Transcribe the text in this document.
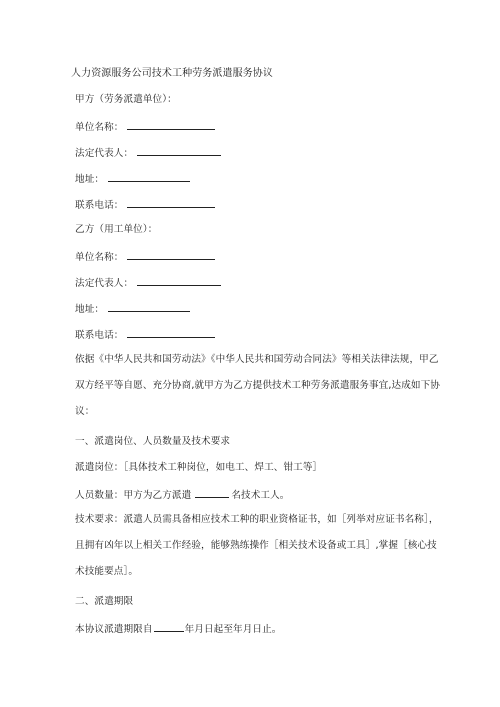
人力资源服务公司技术工种劳务派遣服务协议

甲方（劳务派遣单位）：

单位名称：

法定代表人：

地址：

联系电话：

乙方（用工单位）：

单位名称：

法定代表人：

地址：

联系电话：

依据《中华人民共和国劳动法》《中华人民共和国劳动合同法》等相关法律法规，甲乙

双方经平等自愿、充分协商,就甲方为乙方提供技术工种劳务派遣服务事宜,达成如下协

议：

一、派遣岗位、人员数量及技术要求

派遣岗位：［具体技术工种岗位，如电工、焊工、钳工等］

人员数量：甲方为乙方派遣	名技术工人。

技术要求：派遣人员需具备相应技术工种的职业资格证书，如［列举对应证书名称］，

且拥有凶年以上相关工作经验，能够熟练操作［相关技术设备或工具］,掌握［核心技

术技能要点］。

二、派遣期限

本协议派遣期限自	年月日起至年月日止。
